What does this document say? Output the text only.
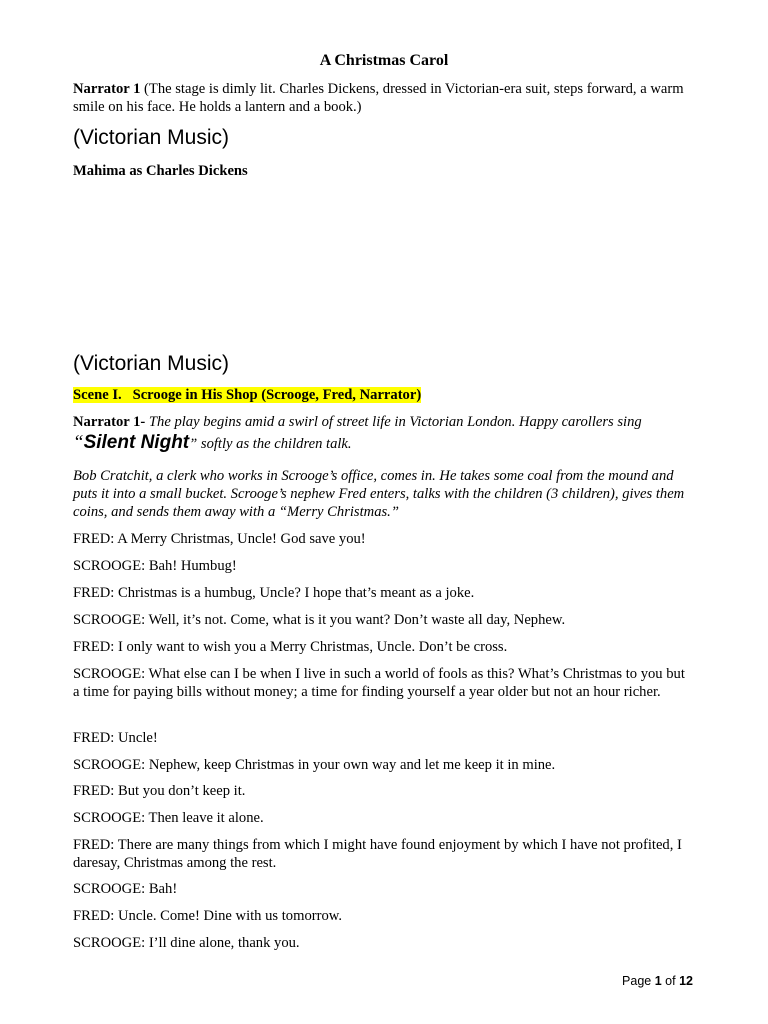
A Christmas Carol
Narrator 1 (The stage is dimly lit. Charles Dickens, dressed in Victorian-era suit, steps forward, a warm smile on his face. He holds a lantern and a book.)
(Victorian Music)
Mahima as Charles Dickens
(Victorian Music)
Scene I.   Scrooge in His Shop (Scrooge, Fred, Narrator)
Narrator 1- The play begins amid a swirl of street life in Victorian London. Happy carollers sing
“Silent Night” softly as the children talk.
Bob Cratchit, a clerk who works in Scrooge’s office, comes in. He takes some coal from the mound and puts it into a small bucket. Scrooge’s nephew Fred enters, talks with the children (3 children), gives them coins, and sends them away with a “Merry Christmas.”
FRED: A Merry Christmas, Uncle! God save you!
SCROOGE: Bah! Humbug!
FRED: Christmas is a humbug, Uncle? I hope that’s meant as a joke.
SCROOGE: Well, it’s not. Come, what is it you want? Don’t waste all day, Nephew.
FRED: I only want to wish you a Merry Christmas, Uncle. Don’t be cross.
SCROOGE: What else can I be when I live in such a world of fools as this? What’s Christmas to you but a time for paying bills without money; a time for finding yourself a year older but not an hour richer.
FRED: Uncle!
SCROOGE: Nephew, keep Christmas in your own way and let me keep it in mine.
FRED: But you don’t keep it.
SCROOGE: Then leave it alone.
FRED: There are many things from which I might have found enjoyment by which I have not profited, I daresay, Christmas among the rest.
SCROOGE: Bah!
FRED: Uncle. Come! Dine with us tomorrow.
SCROOGE: I’ll dine alone, thank you.
Page 1 of 12
